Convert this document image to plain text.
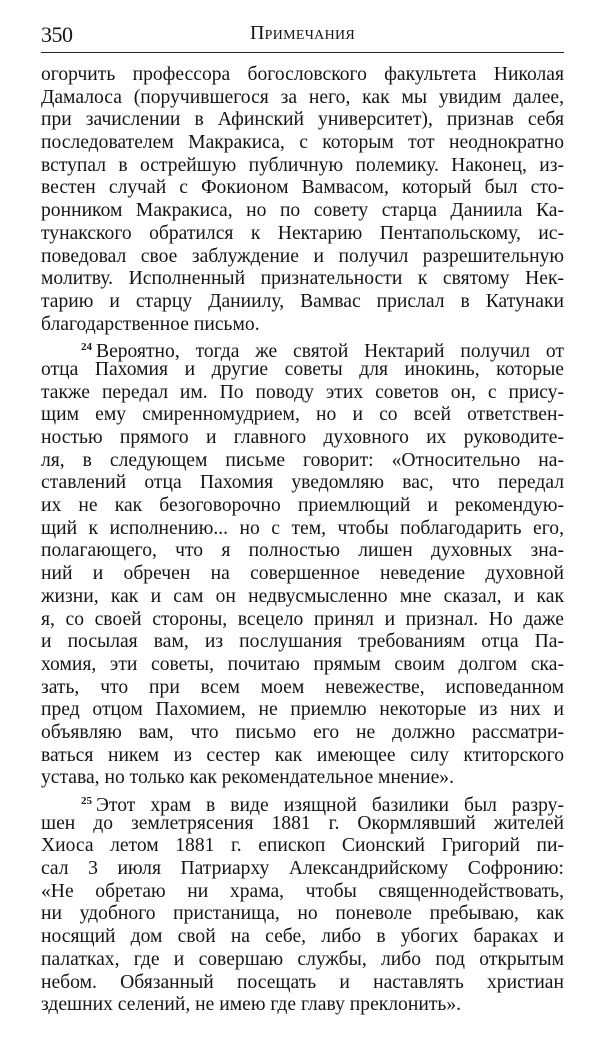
350	Примечания
огорчить профессора богословского факультета Николая
Дамалоса (поручившегося за него, как мы увидим далее,
при зачислении в Афинский университет), признав себя
последователем Макракиса, с которым тот неоднократно
вступал в острейшую публичную полемику. Наконец, из-
вестен случай с Фокионом Вамвасом, который был сто-
ронником Макракиса, но по совету старца Даниила Ка-
тунакского обратился к Нектарию Пентапольскому, ис-
поведовал свое заблуждение и получил разрешительную
молитву. Исполненный признательности к святому Нек-
тарию и старцу Даниилу, Вамвас прислал в Катунаки
благодарственное письмо.
$^{24}$ Вероятно, тогда же святой Нектарий получил от
отца Пахомия и другие советы для инокинь, которые
также передал им. По поводу этих советов он, с прису-
щим ему смиренномудрием, но и со всей ответствен-
ностью прямого и главного духовного их руководите-
ля, в следующем письме говорит: «Относительно на-
ставлений отца Пахомия уведомляю вас, что передал
их не как безоговорочно приемлющий и рекомендую-
щий к исполнению... но с тем, чтобы поблагодарить его,
полагающего, что я полностью лишен духовных зна-
ний и обречен на совершенное неведение духовной
жизни, как и сам он недвусмысленно мне сказал, и как
я, со своей стороны, всецело принял и признал. Но даже
и посылая вам, из послушания требованиям отца Па-
хомия, эти советы, почитаю прямым своим долгом ска-
зать, что при всем моем невежестве, исповеданном
пред отцом Пахомием, не приемлю некоторые из них и
объявляю вам, что письмо его не должно рассматри-
ваться никем из сестер как имеющее силу ктиторского
устава, но только как рекомендательное мнение».
$^{25}$ Этот храм в виде изящной базилики был разру-
шен до землетрясения 1881 г. Окормлявший жителей
Хиоса летом 1881 г. епископ Сионский Григорий пи-
сал 3 июля Патриарху Александрийскому Софронию:
«Не обретаю ни храма, чтобы священнодействовать,
ни удобного пристанища, но поневоле пребываю, как
носящий дом свой на себе, либо в убогих бараках и
палатках, где и совершаю службы, либо под открытым
небом. Обязанный посещать и наставлять христиан
здешних селений, не имею где главу преклонить».
